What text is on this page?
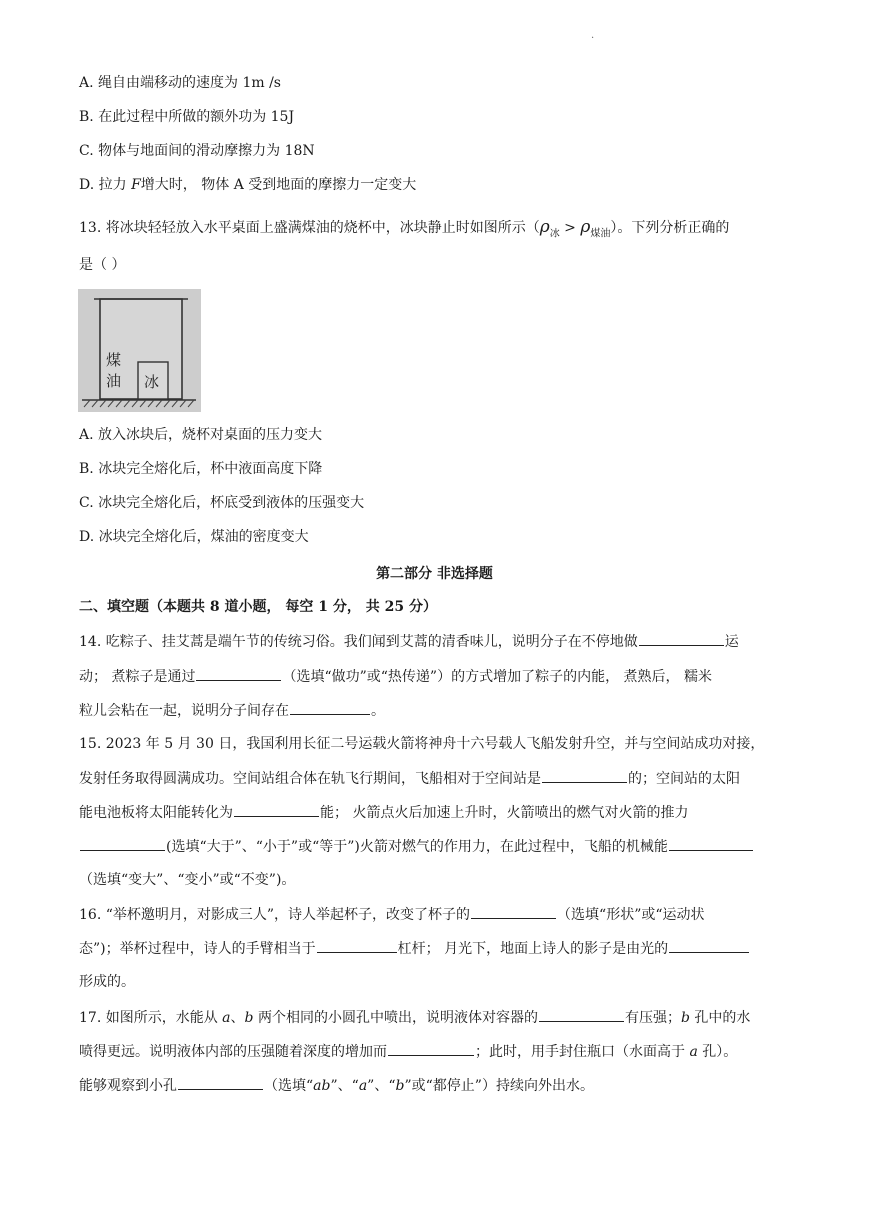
.
A. 绳自由端移动的速度为 1m /s
B. 在此过程中所做的额外功为 15J
C. 物体与地面间的滑动摩擦力为 18N
D. 拉力 F增大时， 物体 A 受到地面的摩擦力一定变大
13. 将冰块轻轻放入水平桌面上盛满煤油的烧杯中，冰块静止时如图所示$(\rho_冰 > \rho_{煤油})$。下列分析正确的
是（ ）
煤
油 冰
A. 放入冰块后，烧杯对桌面的压力变大
B. 冰块完全熔化后，杯中液面高度下降
C. 冰块完全熔化后，杯底受到液体的压强变大
D. 冰块完全熔化后，煤油的密度变大
第二部分 非选择题
二、填空题（本题共 8 道小题， 每空 1 分， 共 25 分）
14. 吃粽子、挂艾蒿是端午节的传统习俗。我们闻到艾蒿的清香味儿，说明分子在不停地做	运
动； 煮粽子是通过	（选填“做功”或“热传递”）的方式增加了粽子的内能， 煮熟后， 糯米
粒儿会粘在一起，说明分子间存在	。
15. 2023 年 5 月 30 日，我国利用长征二号运载火箭将神舟十六号载人飞船发射升空，并与空间站成功对接，
发射任务取得圆满成功。空间站组合体在轨飞行期间，飞船相对于空间站是	的；空间站的太阳
能电池板将太阳能转化为	能； 火箭点火后加速上升时，火箭喷出的燃气对火箭的推力
(选填“大于”、“小于”或“等于”)火箭对燃气的作用力，在此过程中，飞船的机械能
（选填“变大”、“变小”或“不变”)。
16. “举杯邀明月，对影成三人”，诗人举起杯子，改变了杯子的	（选填“形状”或“运动状
态”)；举杯过程中，诗人的手臂相当于	杠杆； 月光下，地面上诗人的影子是由光的
形成的。
17. 如图所示，水能从 a、b 两个相同的小圆孔中喷出，说明液体对容器的	有压强；b 孔中的水
喷得更远。说明液体内部的压强随着深度的增加而	；此时，用手封住瓶口（水面高于 a 孔）。
能够观察到小孔	（选填“ab”、“a”、“b”或“都停止”）持续向外出水。
